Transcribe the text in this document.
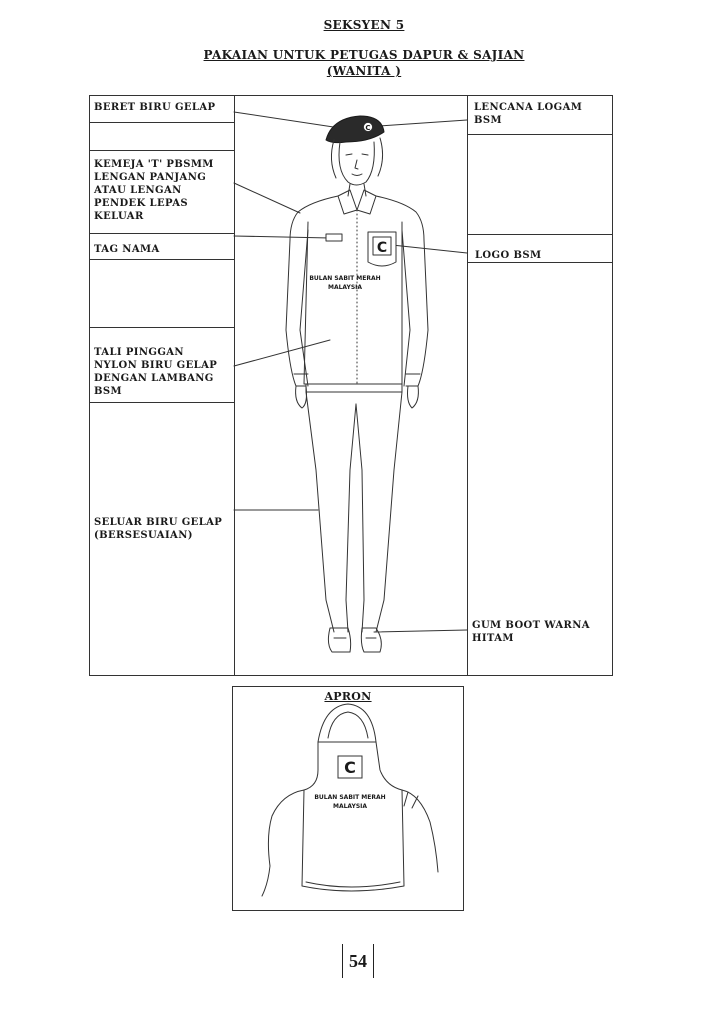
SEKSYEN 5
PAKAIAN UNTUK PETUGAS DAPUR & SAJIAN
(WANITA )
BERET BIRU GELAP
KEMEJA 'T' PBSMM
LENGAN PANJANG
ATAU LENGAN
PENDEK LEPAS
KELUAR
TAG NAMA
TALI PINGGAN
NYLON BIRU GELAP
DENGAN LAMBANG
BSM
SELUAR BIRU GELAP
(BERSESUAIAN)
LENCANA LOGAM
BSM
LOGO BSM
GUM BOOT WARNA
HITAM
C
C
BULAN SABIT MERAH
MALAYSIA
APRON
C
BULAN SABIT MERAH
MALAYSIA
54
